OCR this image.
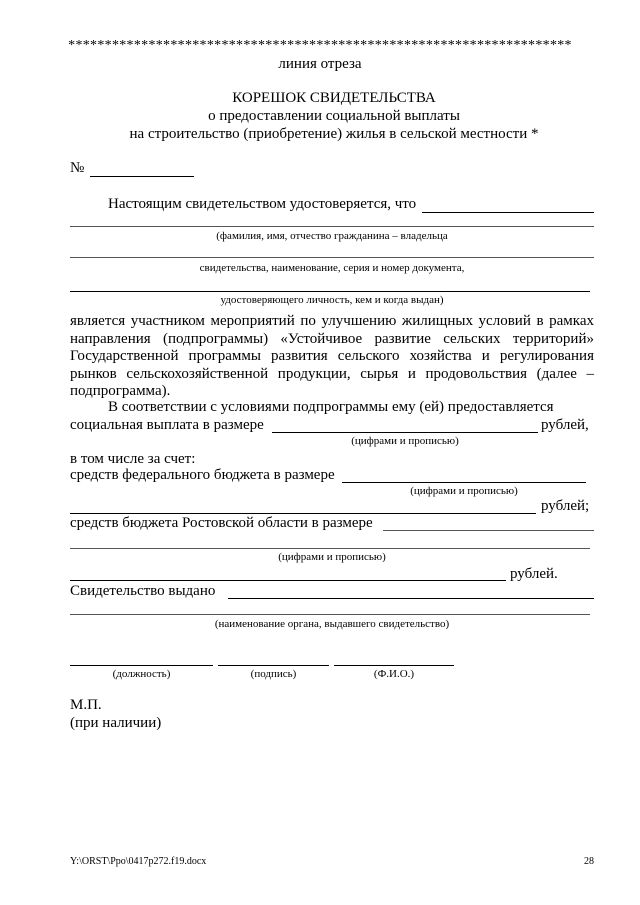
*********************************************************************
линия отреза
КОРЕШОК СВИДЕТЕЛЬСТВА
о предоставлении социальной выплаты
на строительство (приобретение) жилья в сельской местности *
№
Настоящим свидетельством удостоверяется, что
(фамилия, имя, отчество гражданина – владельца
свидетельства, наименование, серия и номер документа,
удостоверяющего личность, кем и когда выдан)
является участником мероприятий по улучшению жилищных условий в рамках направления (подпрограммы) «Устойчивое развитие сельских территорий» Государственной программы развития сельского хозяйства и регулирования рынков сельскохозяйственной продукции, сырья и продовольствия (далее – подпрограмма).
В соответствии с условиями подпрограммы ему (ей) предоставляется
социальная выплата в размере	рублей,
(цифрами и прописью)
в том числе за счет:
средств федерального бюджета в размере
(цифрами и прописью)
рублей;
средств бюджета Ростовской области в размере
(цифрами и прописью)
рублей.
Свидетельство выдано
(наименование органа, выдавшего свидетельство)
(должность)	(подпись)	(Ф.И.О.)
М.П.
(при наличии)
Y:\ORST\Ppo\0417p272.f19.docx	28
